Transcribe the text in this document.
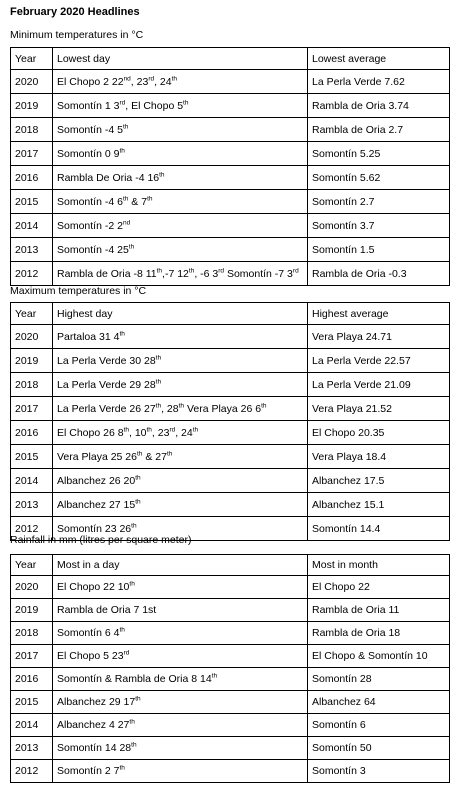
February 2020 Headlines
Minimum temperatures in °C
Year	Lowest day	Lowest average
2020	El Chopo 2 22nd, 23rd, 24th	La Perla Verde 7.62
2019	Somontín 1 3rd, El Chopo 5th	Rambla de Oria 3.74
2018	Somontín -4 5th	Rambla de Oria 2.7
2017	Somontín 0 9th	Somontín 5.25
2016	Rambla De Oria -4 16th	Somontín 5.62
2015	Somontín -4 6th & 7th	Somontín 2.7
2014	Somontín -2 2nd	Somontín 3.7
2013	Somontín -4 25th	Somontín 1.5
2012	Rambla de Oria -8 11th,-7 12th, -6 3rd Somontín -7 3rd	Rambla de Oria -0.3
Maximum temperatures in °C
Year	Highest day	Highest average
2020	Partaloa 31 4th	Vera Playa 24.71
2019	La Perla Verde 30 28th	La Perla Verde 22.57
2018	La Perla Verde 29 28th	La Perla Verde 21.09
2017	La Perla Verde 26 27th, 28th Vera Playa 26 6th	Vera Playa 21.52
2016	El Chopo 26 8th, 10th, 23rd, 24th	El Chopo 20.35
2015	Vera Playa 25 26th & 27th	Vera Playa 18.4
2014	Albanchez 26 20th	Albanchez 17.5
2013	Albanchez 27 15th	Albanchez 15.1
2012	Somontín 23 26th	Somontín 14.4
Rainfall in mm (litres per square meter)
Year	Most in a day	Most in month
2020	El Chopo 22 10th	El Chopo 22
2019	Rambla de Oria 7 1st	Rambla de Oria 11
2018	Somontín 6 4th	Rambla de Oria 18
2017	El Chopo 5 23rd	El Chopo & Somontín 10
2016	Somontín & Rambla de Oria 8 14th	Somontín 28
2015	Albanchez 29 17th	Albanchez 64
2014	Albanchez 4 27th	Somontín 6
2013	Somontín 14 28th	Somontín 50
2012	Somontín 2 7th	Somontín 3
